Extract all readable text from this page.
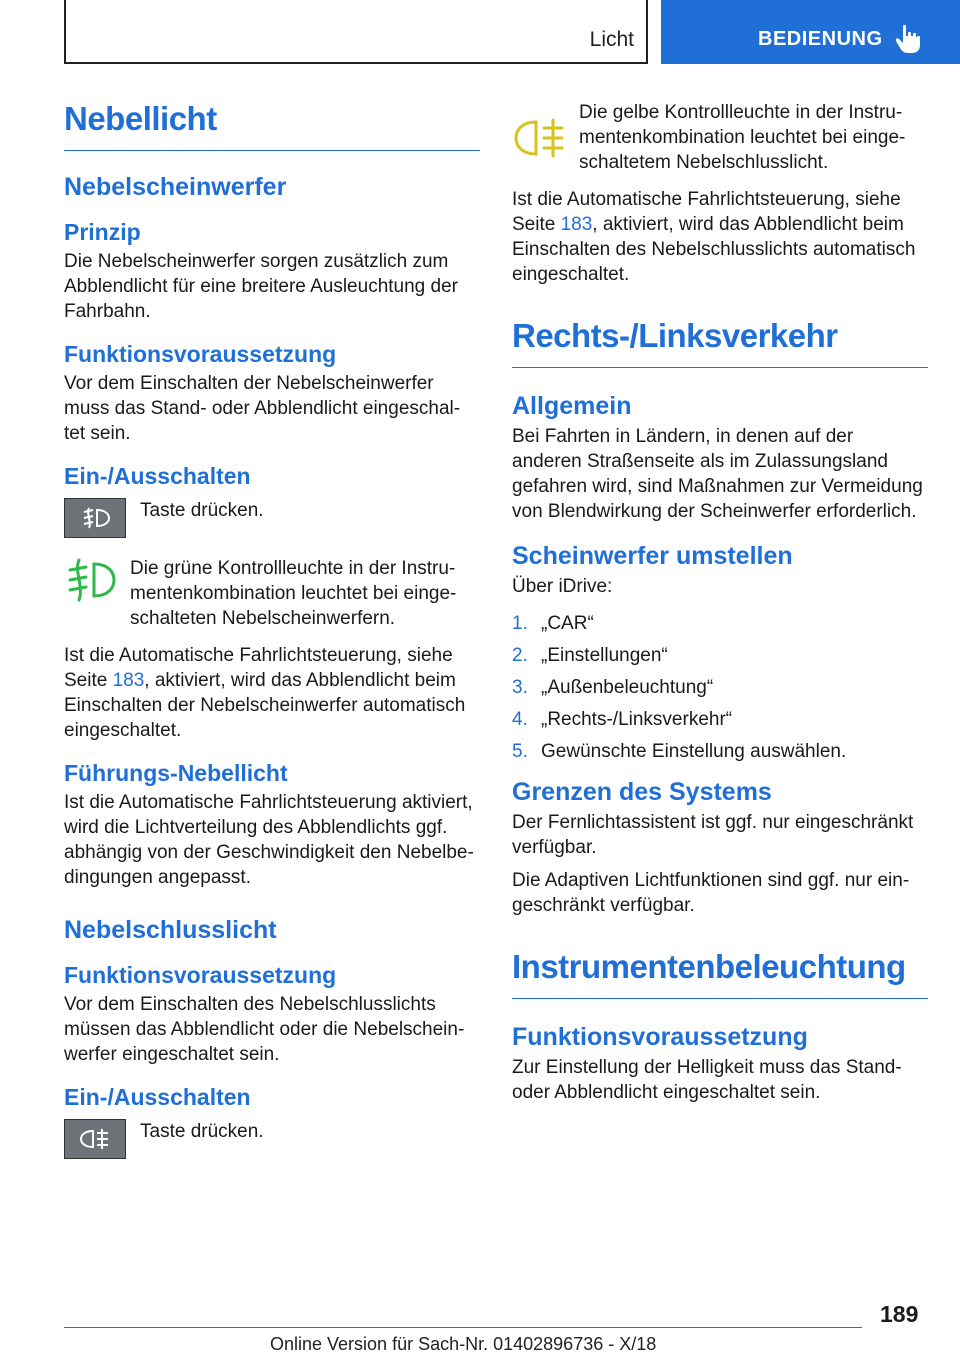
Licht	BEDIENUNG
Nebellicht
Nebelscheinwerfer
Prinzip

Die Nebelscheinwerfer sorgen zusätzlich zum Abblendlicht für eine breitere Ausleuchtung der Fahrbahn.

Funktionsvoraussetzung

Vor dem Einschalten der Nebelscheinwerfer muss das Stand- oder Abblendlicht eingeschal-tet sein.

Ein-/Ausschalten

Taste drücken.

Die grüne Kontrollleuchte in der Instru-mentenkombination leuchtet bei einge-schalteten Nebelscheinwerfern.

Ist die Automatische Fahrlichtsteuerung, siehe Seite 183, aktiviert, wird das Abblendlicht beim Einschalten der Nebelscheinwerfer automatisch eingeschaltet.

Führungs-Nebellicht

Ist die Automatische Fahrlichtsteuerung aktiviert, wird die Lichtverteilung des Abblendlichts ggf. abhängig von der Geschwindigkeit den Nebelbe-dingungen angepasst.

Nebelschlusslicht
Funktionsvoraussetzung

Vor dem Einschalten des Nebelschlusslichts müssen das Abblendlicht oder die Nebelschein-werfer eingeschaltet sein.

Ein-/Ausschalten

Taste drücken.

Die gelbe Kontrollleuchte in der Instru-mentenkombination leuchtet bei einge-schaltetem Nebelschlusslicht.

Ist die Automatische Fahrlichtsteuerung, siehe Seite 183, aktiviert, wird das Abblendlicht beim Einschalten des Nebelschlusslichts automatisch eingeschaltet.

Rechts-/Linksverkehr
Allgemein

Bei Fahrten in Ländern, in denen auf der anderen Straßenseite als im Zulassungsland gefahren wird, sind Maßnahmen zur Vermeidung von Blendwirkung der Scheinwerfer erforderlich.

Scheinwerfer umstellen

Über iDrive:

1. „CAR“
2. „Einstellungen“
3. „Außenbeleuchtung“
4. „Rechts-/Linksverkehr“
5. Gewünschte Einstellung auswählen.
Grenzen des Systems

Der Fernlichtassistent ist ggf. nur eingeschränkt verfügbar.

Die Adaptiven Lichtfunktionen sind ggf. nur ein-geschränkt verfügbar.

Instrumentenbeleuchtung
Funktionsvoraussetzung

Zur Einstellung der Helligkeit muss das Stand- oder Abblendlicht eingeschaltet sein.

189
Online Version für Sach-Nr. 01402896736 - X/18
